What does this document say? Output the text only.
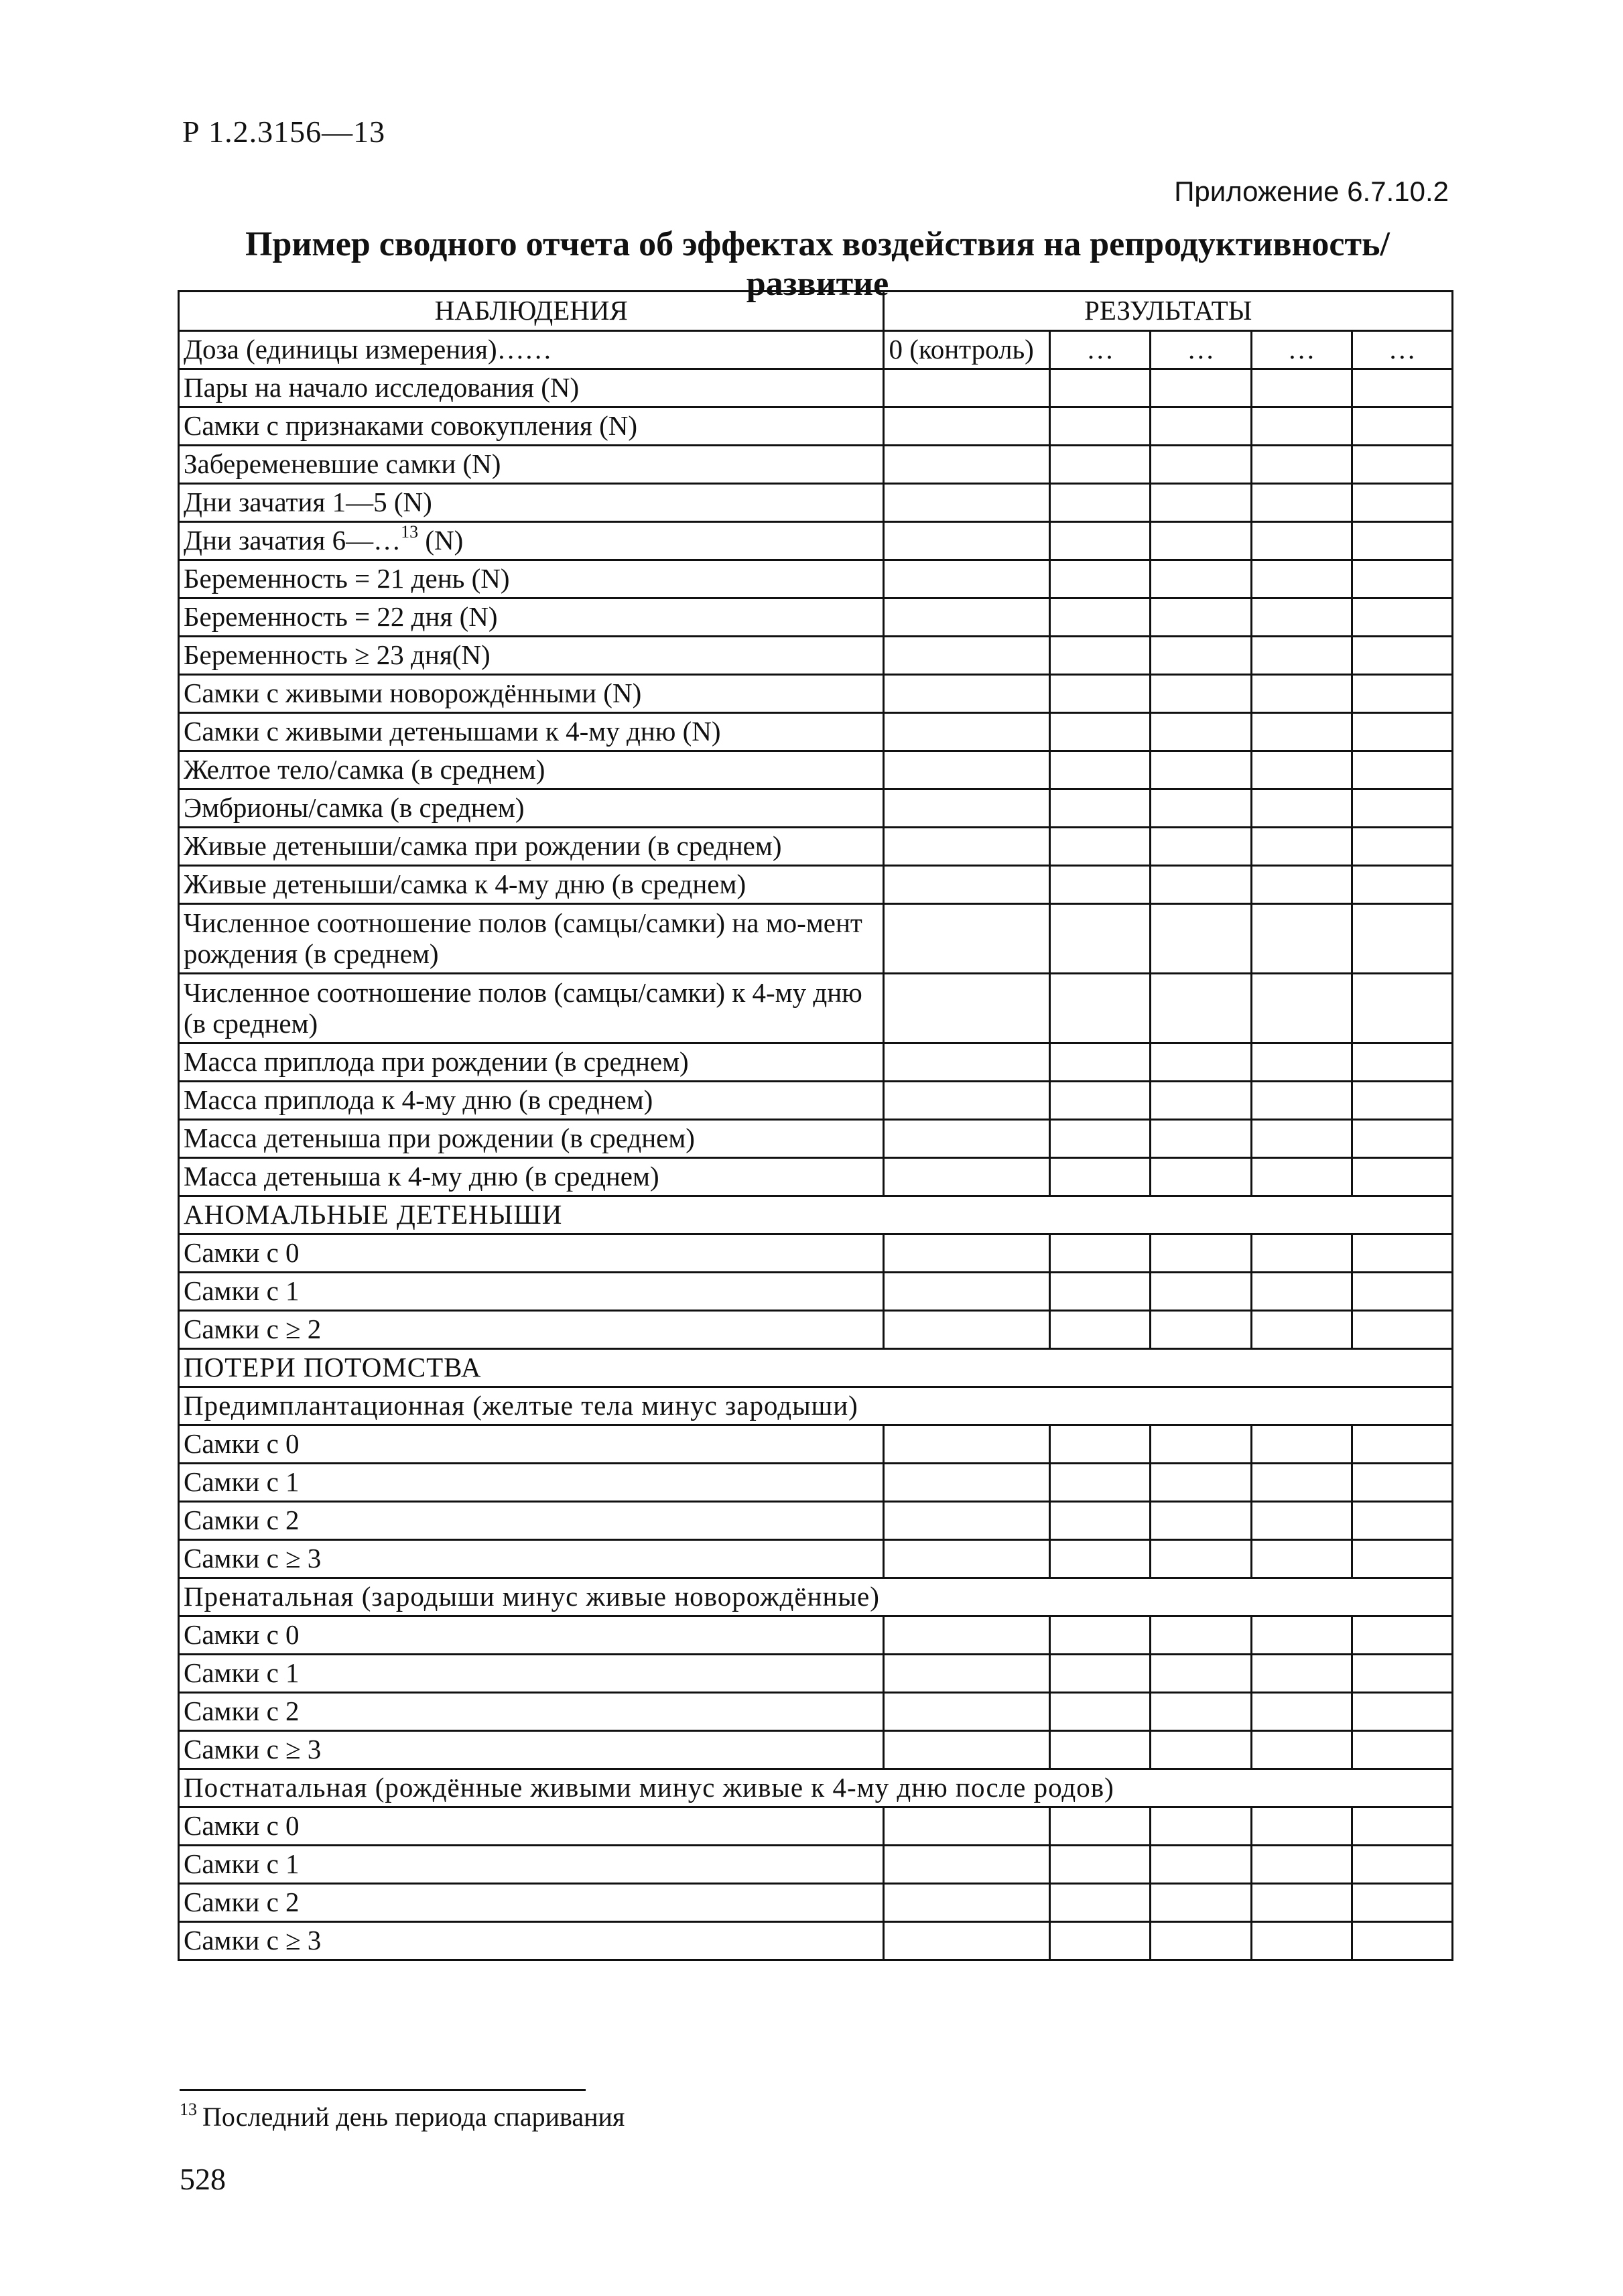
Р 1.2.3156—13
Приложение 6.7.10.2
Пример сводного отчета об эффектах воздействия на репродуктивность/развитие
НАБЛЮДЕНИЯ	РЕЗУЛЬТАТЫ				
Доза (единицы измерения)……	0 (контроль)	…	…	…	…
Пары на начало исследования (N)					
Самки с признаками совокупления (N)					
Забеременевшие самки (N)					
Дни зачатия 1—5 (N)					
Дни зачатия 6—…$^{13}$ (N)					
Беременность = 21 день (N)					
Беременность = 22 дня (N)					
Беременность ≥ 23 дня(N)					
Самки с живыми новорождёнными (N)					
Самки с живыми детенышами к 4-му дню (N)					
Желтое тело/самка (в среднем)					
Эмбрионы/самка (в среднем)					
Живые детеныши/самка при рождении (в среднем)					
Живые детеныши/самка к 4-му дню (в среднем)					
Численное соотношение полов (самцы/самки) на мо-мент рождения (в среднем)					
Численное соотношение полов (самцы/самки) к 4-му дню (в среднем)					
Масса приплода при рождении (в среднем)					
Масса приплода к 4-му дню (в среднем)					
Масса детеныша при рождении (в среднем)					
Масса детеныша к 4-му дню (в среднем)					
АНОМАЛЬНЫЕ ДЕТЕНЫШИ					
Самки с 0					
Самки с 1					
Самки с ≥ 2					
ПОТЕРИ ПОТОМСТВА					
Предимплантационная (желтые тела минус зародыши)					
Самки с 0					
Самки с 1					
Самки с 2					
Самки с ≥ 3					
Пренатальная (зародыши минус живые новорождённые)					
Самки с 0					
Самки с 1					
Самки с 2					
Самки с ≥ 3					
Постнатальная (рождённые живыми минус живые к 4-му дню после родов)					
Самки с 0					
Самки с 1					
Самки с 2					
Самки с ≥ 3					
$^{13}$ Последний день периода спаривания
528
